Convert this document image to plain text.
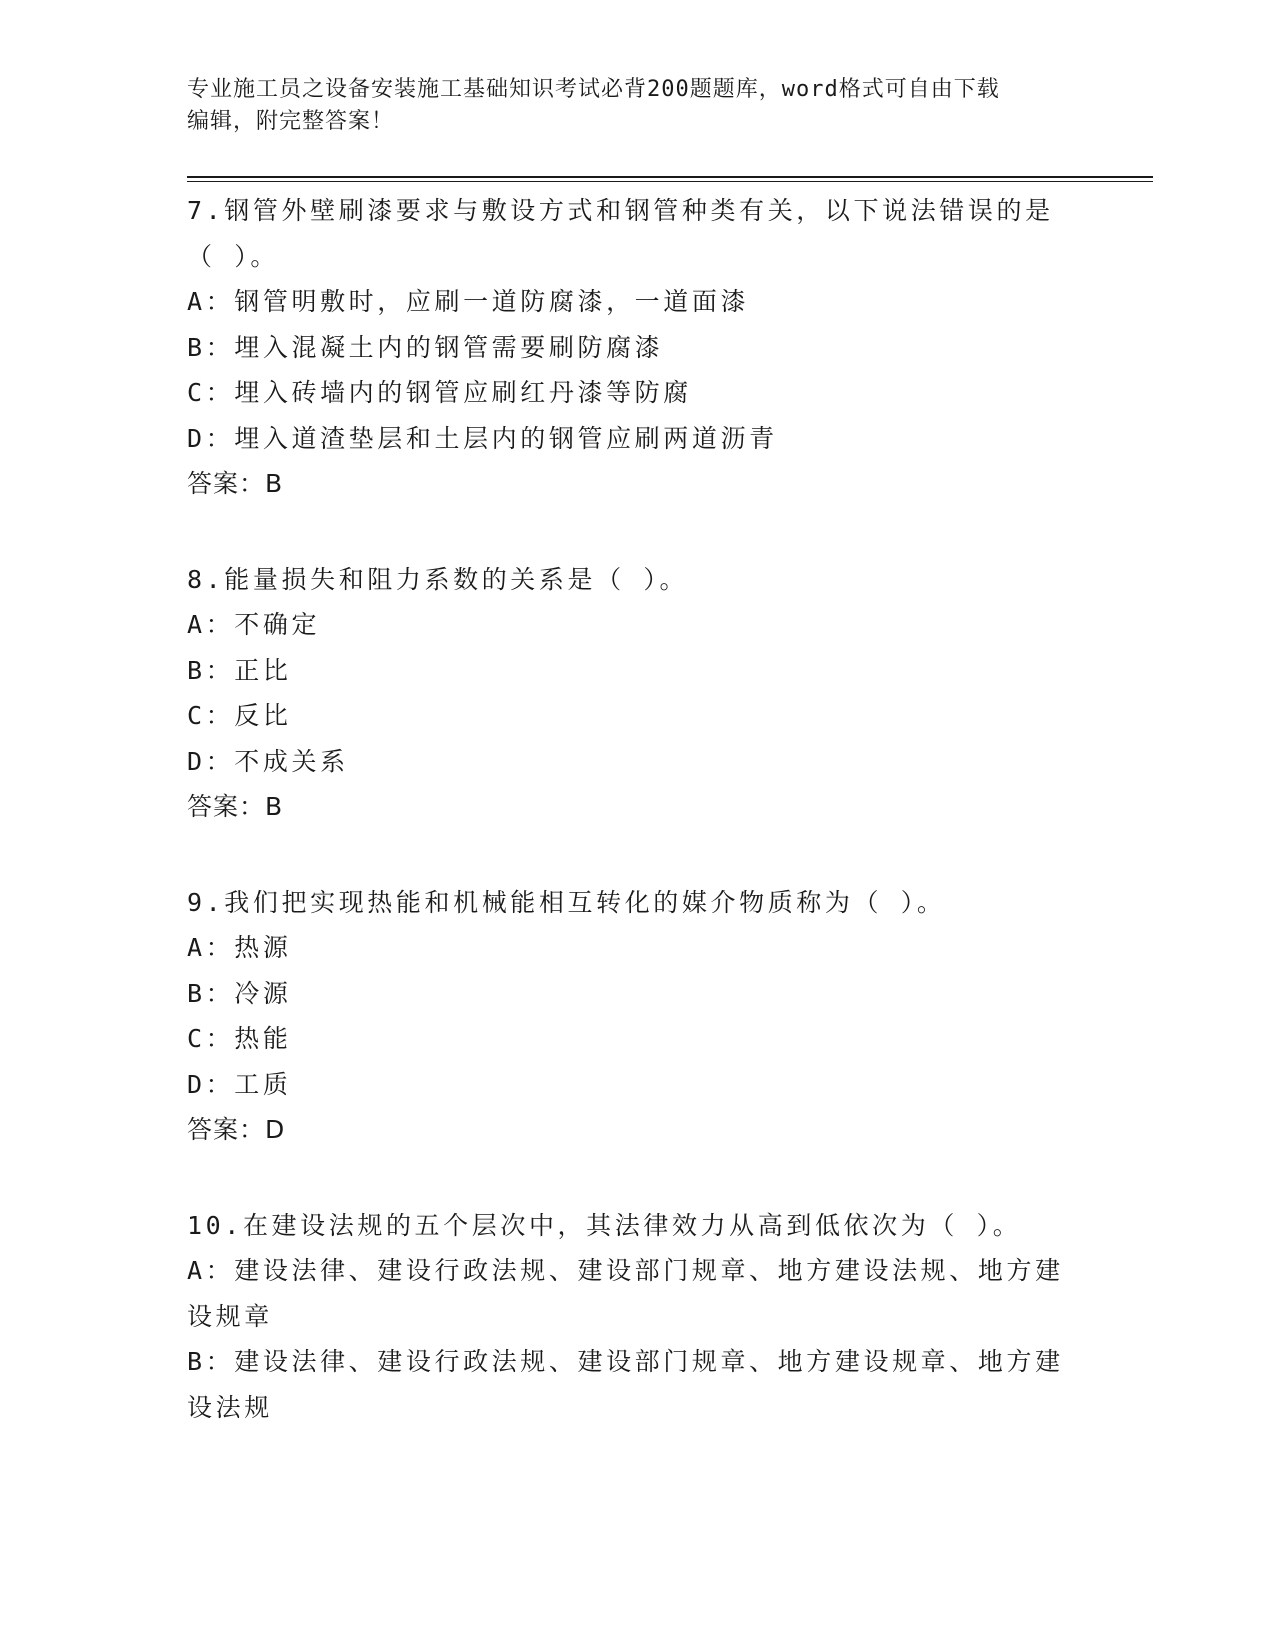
专业施工员之设备安装施工基础知识考试必背200题题库，word格式可自由下载
编辑，附完整答案！
7.钢管外壁刷漆要求与敷设方式和钢管种类有关，以下说法错误的是
（ ）。
A：钢管明敷时，应刷一道防腐漆，一道面漆
B：埋入混凝土内的钢管需要刷防腐漆
C：埋入砖墙内的钢管应刷红丹漆等防腐
D：埋入道渣垫层和土层内的钢管应刷两道沥青
答案：B
8.能量损失和阻力系数的关系是（ ）。
A：不确定
B：正比
C：反比
D：不成关系
答案：B
9.我们把实现热能和机械能相互转化的媒介物质称为（ ）。
A：热源
B：冷源
C：热能
D：工质
答案：D
10.在建设法规的五个层次中，其法律效力从高到低依次为（ ）。
A：建设法律、建设行政法规、建设部门规章、地方建设法规、地方建
设规章
B：建设法律、建设行政法规、建设部门规章、地方建设规章、地方建
设法规
